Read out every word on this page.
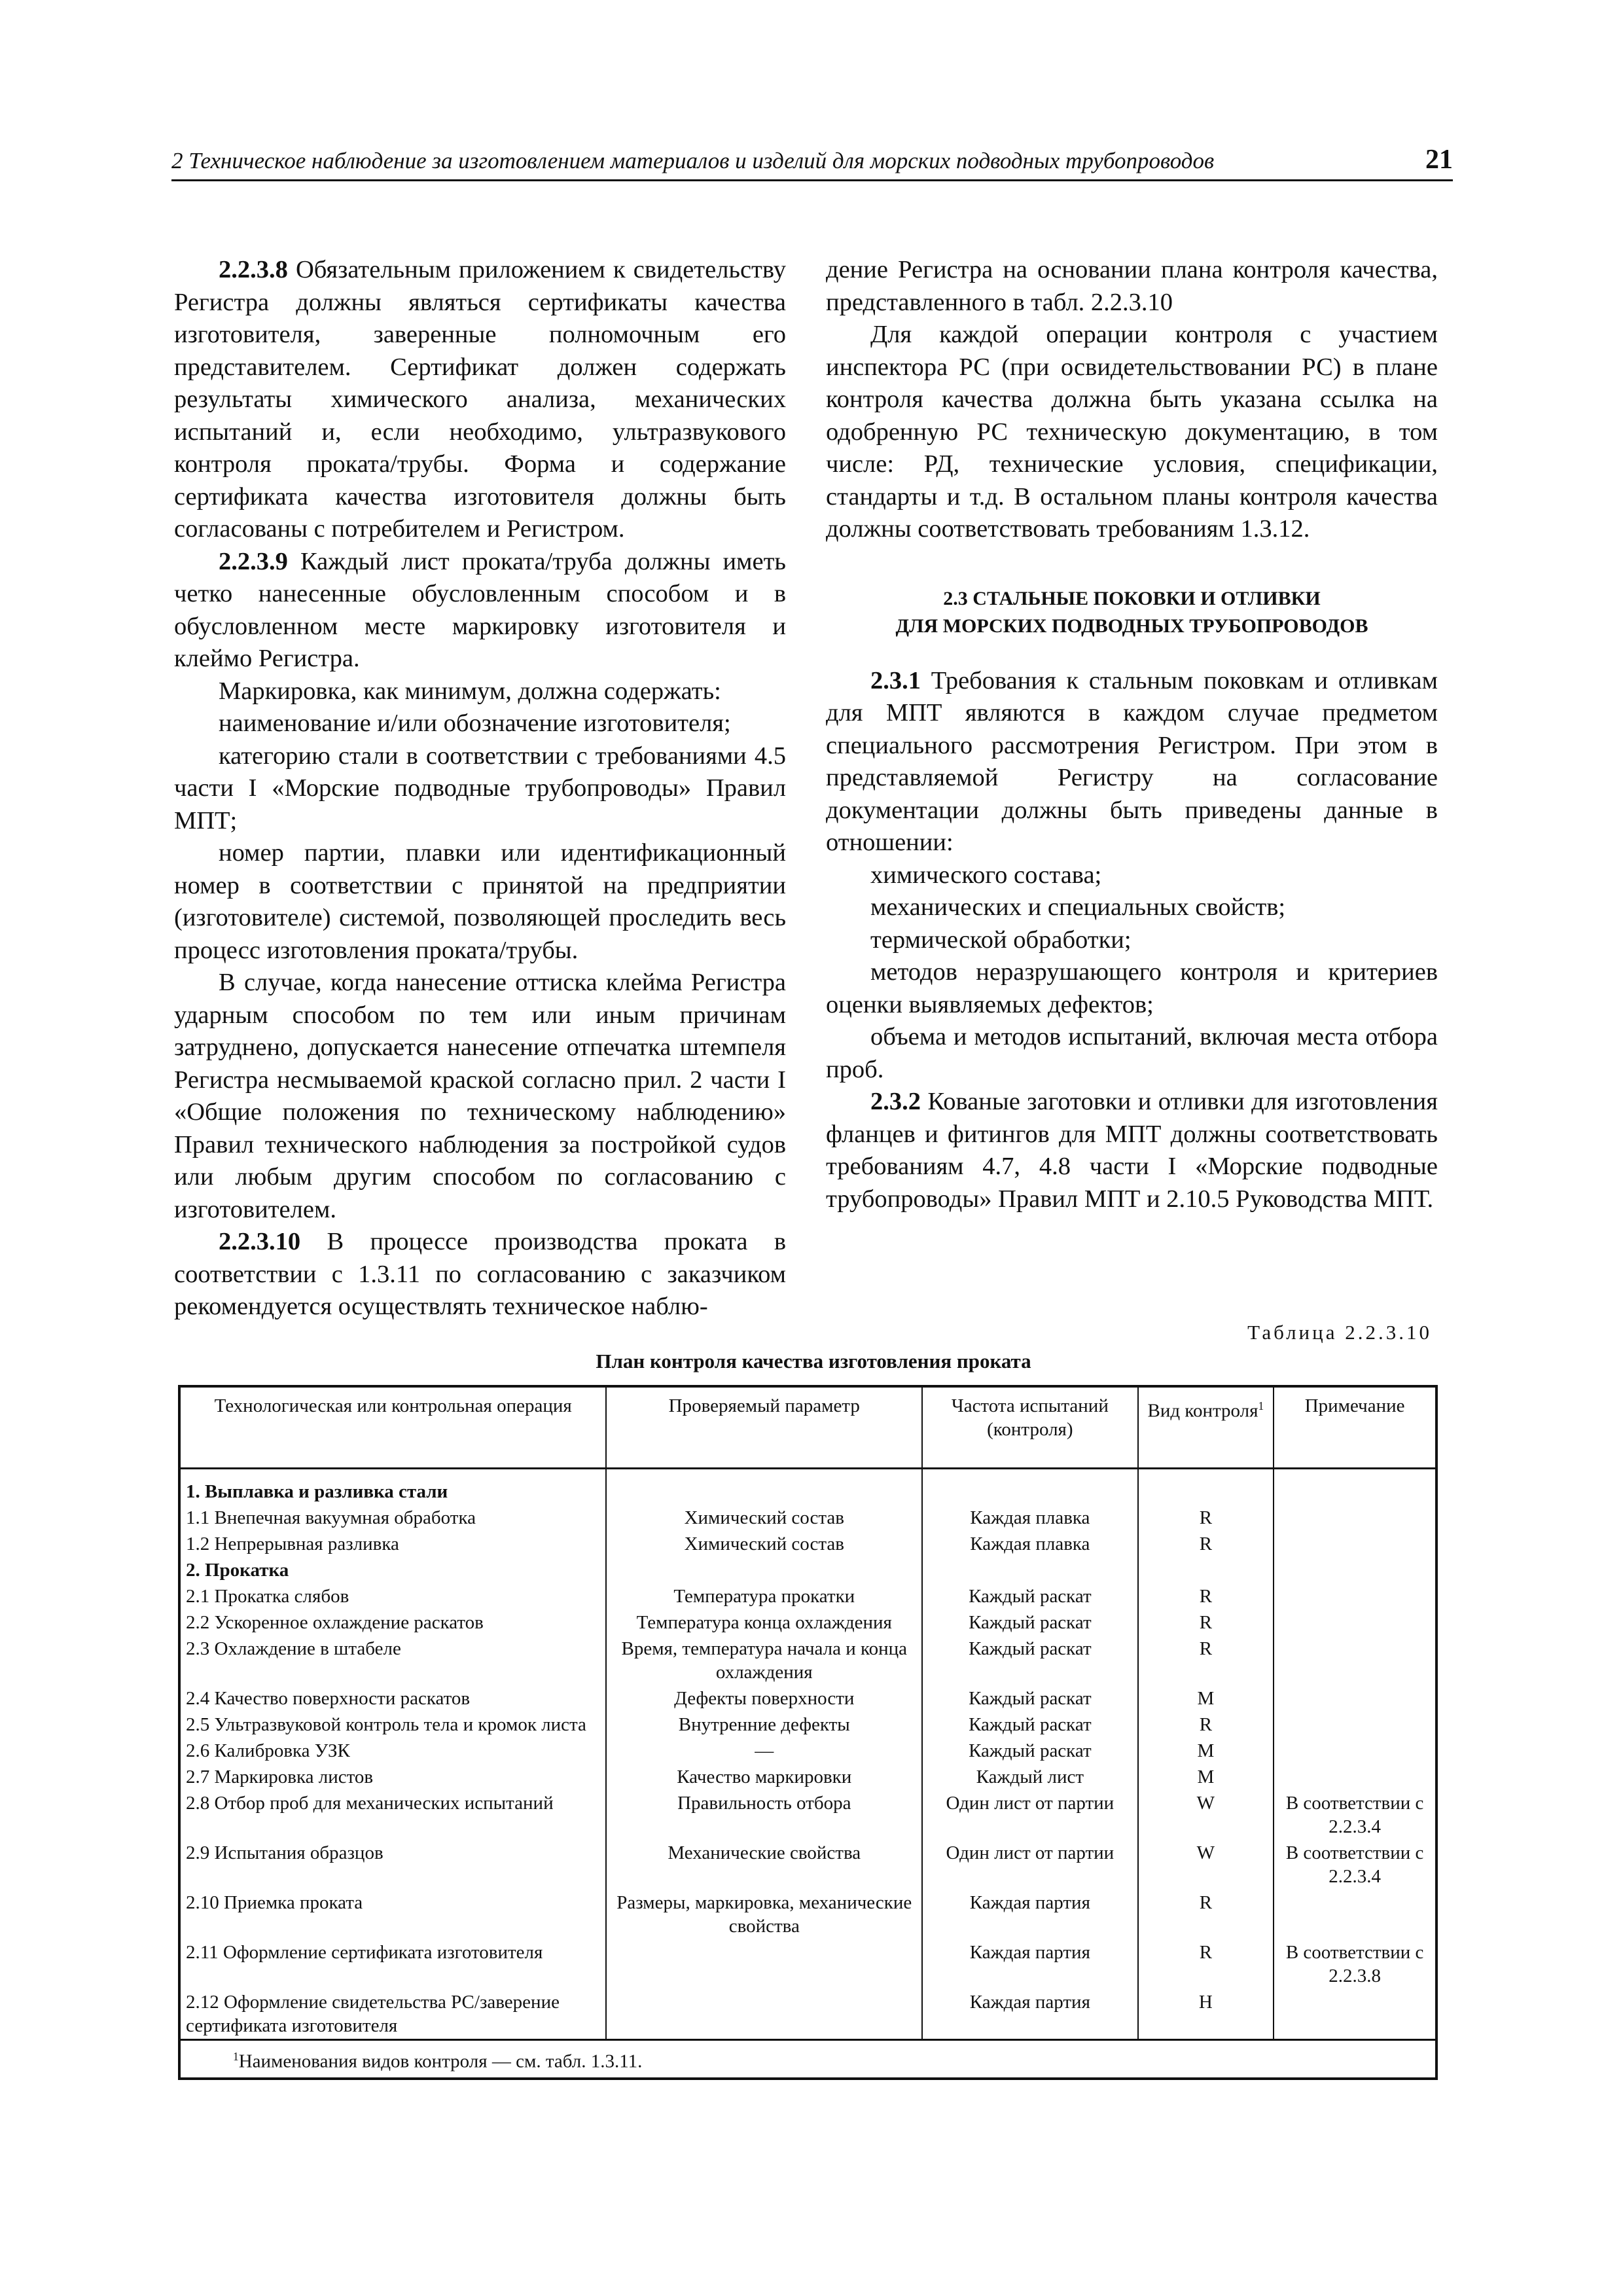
2 Техническое наблюдение за изготовлением материалов и изделий для морских подводных трубопроводов	21

2.2.3.8 Обязательным приложением к свидетельству Регистра должны являться сертификаты качества изготовителя, заверенные полномочным его представителем. Сертификат должен содержать результаты химического анализа, механических испытаний и, если необходимо, ультразвукового контроля проката/трубы. Форма и содержание сертификата качества изготовителя должны быть согласованы с потребителем и Регистром.

2.2.3.9 Каждый лист проката/труба должны иметь четко нанесенные обусловленным способом и в обусловленном месте маркировку изготовителя и клеймо Регистра.

Маркировка, как минимум, должна содержать:

наименование и/или обозначение изготовителя;

категорию стали в соответствии с требованиями 4.5 части I «Морские подводные трубопроводы» Правил МПТ;

номер партии, плавки или идентификационный номер в соответствии с принятой на предприятии (изготовителе) системой, позволяющей проследить весь процесс изготовления проката/трубы.

В случае, когда нанесение оттиска клейма Регистра ударным способом по тем или иным причинам затруднено, допускается нанесение отпечатка штемпеля Регистра несмываемой краской согласно прил. 2 части I «Общие положения по техническому наблюдению» Правил технического наблюдения за постройкой судов или любым другим способом по согласованию с изготовителем.

2.2.3.10 В процессе производства проката в соответствии с 1.3.11 по согласованию с заказчиком рекомендуется осуществлять техническое наблю-

дение Регистра на основании плана контроля качества, представленного в табл. 2.2.3.10

Для каждой операции контроля с участием инспектора РС (при освидетельствовании РС) в плане контроля качества должна быть указана ссылка на одобренную РС техническую документацию, в том числе: РД, технические условия, спецификации, стандарты и т.д. В остальном планы контроля качества должны соответствовать требованиям 1.3.12.

2.3 СТАЛЬНЫЕ ПОКОВКИ И ОТЛИВКИ
ДЛЯ МОРСКИХ ПОДВОДНЫХ ТРУБОПРОВОДОВ

2.3.1 Требования к стальным поковкам и отливкам для МПТ являются в каждом случае предметом специального рассмотрения Регистром. При этом в представляемой Регистру на согласование документации должны быть приведены данные в отношении:

химического состава;

механических и специальных свойств;

термической обработки;

методов неразрушающего контроля и критериев оценки выявляемых дефектов;

объема и методов испытаний, включая места отбора проб.

2.3.2 Кованые заготовки и отливки для изготовления фланцев и фитингов для МПТ должны соответствовать требованиям 4.7, 4.8 части I «Морские подводные трубопроводы» Правил МПТ и 2.10.5 Руководства МПТ.

Таблица 2.2.3.10
План контроля качества изготовления проката
Технологическая или контрольная операция	Проверяемый параметр	Частота испытаний (контроля)	Вид контроля$^1$	Примечание
1. Выплавка и разливка стали				
1.1 Внепечная вакуумная обработка	Химический состав	Каждая плавка	R	
1.2 Непрерывная разливка	Химический состав	Каждая плавка	R	
2. Прокатка				
2.1 Прокатка слябов	Температура прокатки	Каждый раскат	R	
2.2 Ускоренное охлаждение раскатов	Температура конца охлаждения	Каждый раскат	R	
2.3 Охлаждение в штабеле	Время, температура начала и конца охлаждения	Каждый раскат	R	
2.4 Качество поверхности раскатов	Дефекты поверхности	Каждый раскат	M	
2.5 Ультразвуковой контроль тела и кромок листа	Внутренние дефекты	Каждый раскат	R	
2.6 Калибровка УЗК	—	Каждый раскат	M	
2.7 Маркировка листов	Качество маркировки	Каждый лист	M	
2.8 Отбор проб для механических испытаний	Правильность отбора	Один лист от партии	W	В соответствии с 2.2.3.4
2.9 Испытания образцов	Механические свойства	Один лист от партии	W	В соответствии с 2.2.3.4
2.10 Приемка проката	Размеры, маркировка, механические свойства	Каждая партия	R	
2.11 Оформление сертификата изготовителя		Каждая партия	R	В соответствии с 2.2.3.8
2.12 Оформление свидетельства РС/заверение сертификата изготовителя		Каждая партия	H	
$^1$Наименования видов контроля — см. табл. 1.3.11.				
